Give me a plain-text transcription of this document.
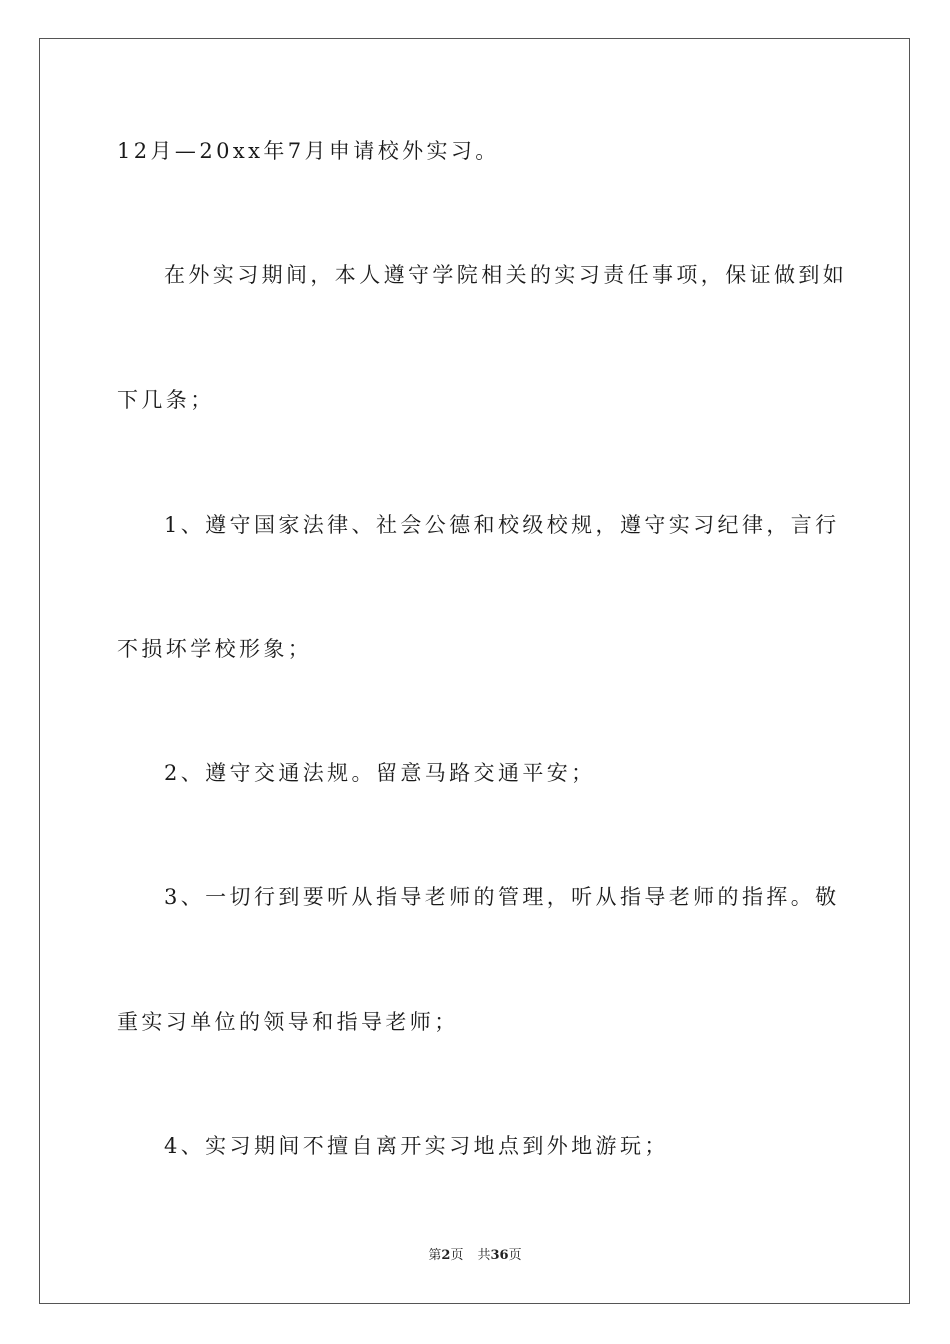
12月—20xx年7月申请校外实习。

在外实习期间，本人遵守学院相关的实习责任事项，保证做到如

下几条；

1、遵守国家法律、社会公德和校级校规，遵守实习纪律，言行

不损坏学校形象；

2、遵守交通法规。留意马路交通平安；

3、一切行到要听从指导老师的管理，听从指导老师的指挥。敬

重实习单位的领导和指导老师；

4、实习期间不擅自离开实习地点到外地游玩；

第2页 共36页
